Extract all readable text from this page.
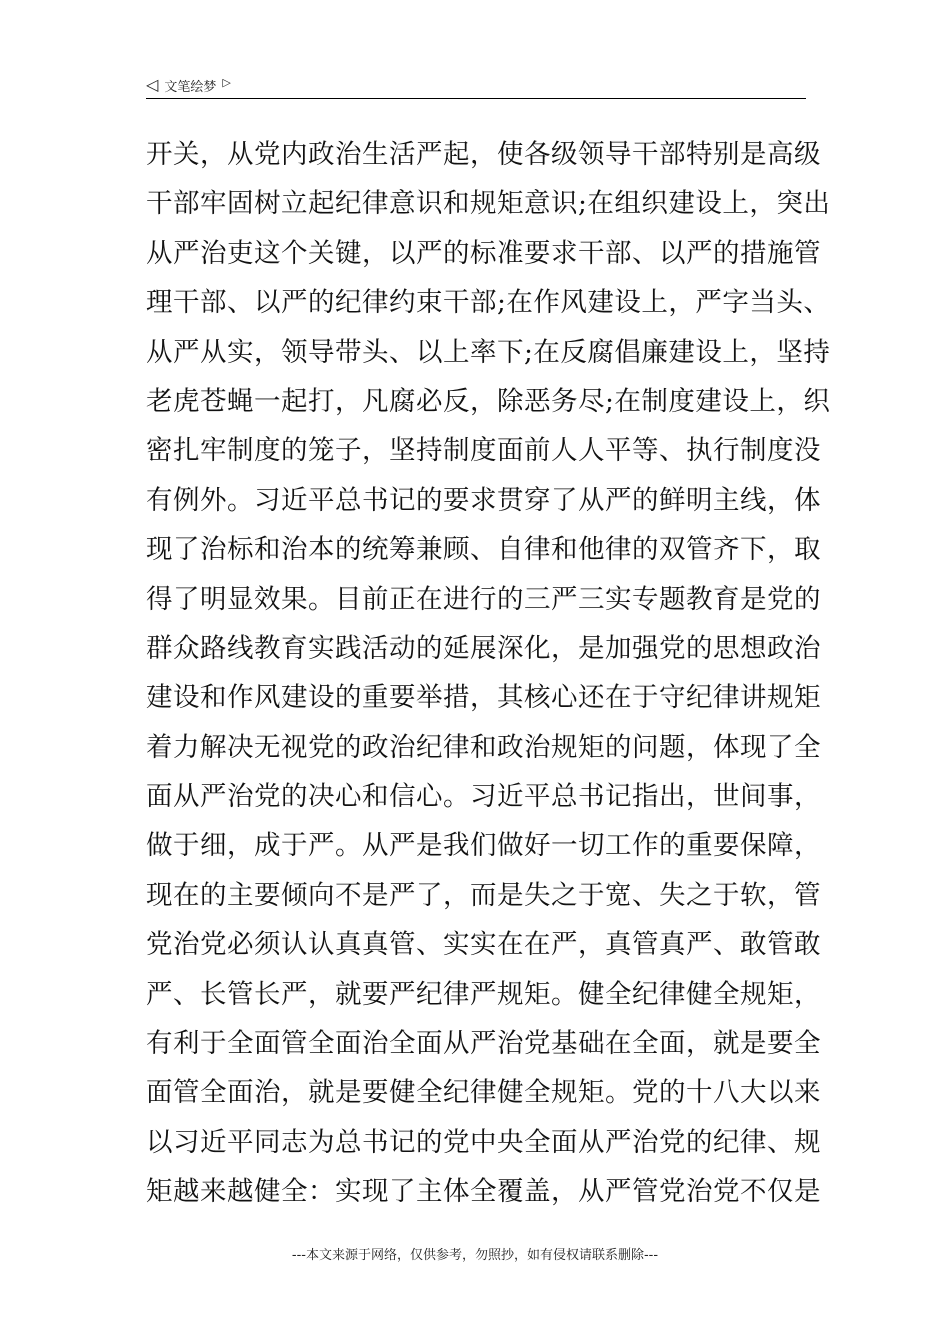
◁ 文笔绘梦 ▷
开关，从党内政治生活严起，使各级领导干部特别是高级
干部牢固树立起纪律意识和规矩意识;在组织建设上，突出
从严治吏这个关键，以严的标准要求干部、以严的措施管
理干部、以严的纪律约束干部;在作风建设上，严字当头、
从严从实，领导带头、以上率下;在反腐倡廉建设上，坚持
老虎苍蝇一起打，凡腐必反，除恶务尽;在制度建设上，织
密扎牢制度的笼子，坚持制度面前人人平等、执行制度没
有例外。习近平总书记的要求贯穿了从严的鲜明主线，体
现了治标和治本的统筹兼顾、自律和他律的双管齐下，取
得了明显效果。目前正在进行的三严三实专题教育是党的
群众路线教育实践活动的延展深化，是加强党的思想政治
建设和作风建设的重要举措，其核心还在于守纪律讲规矩
着力解决无视党的政治纪律和政治规矩的问题，体现了全
面从严治党的决心和信心。习近平总书记指出，世间事，
做于细，成于严。从严是我们做好一切工作的重要保障，
现在的主要倾向不是严了，而是失之于宽、失之于软，管
党治党必须认认真真管、实实在在严，真管真严、敢管敢
严、长管长严，就要严纪律严规矩。健全纪律健全规矩，
有利于全面管全面治全面从严治党基础在全面，就是要全
面管全面治，就是要健全纪律健全规矩。党的十八大以来
以习近平同志为总书记的党中央全面从严治党的纪律、规
矩越来越健全：实现了主体全覆盖，从严管党治党不仅是
---本文来源于网络，仅供参考，勿照抄，如有侵权请联系删除---
